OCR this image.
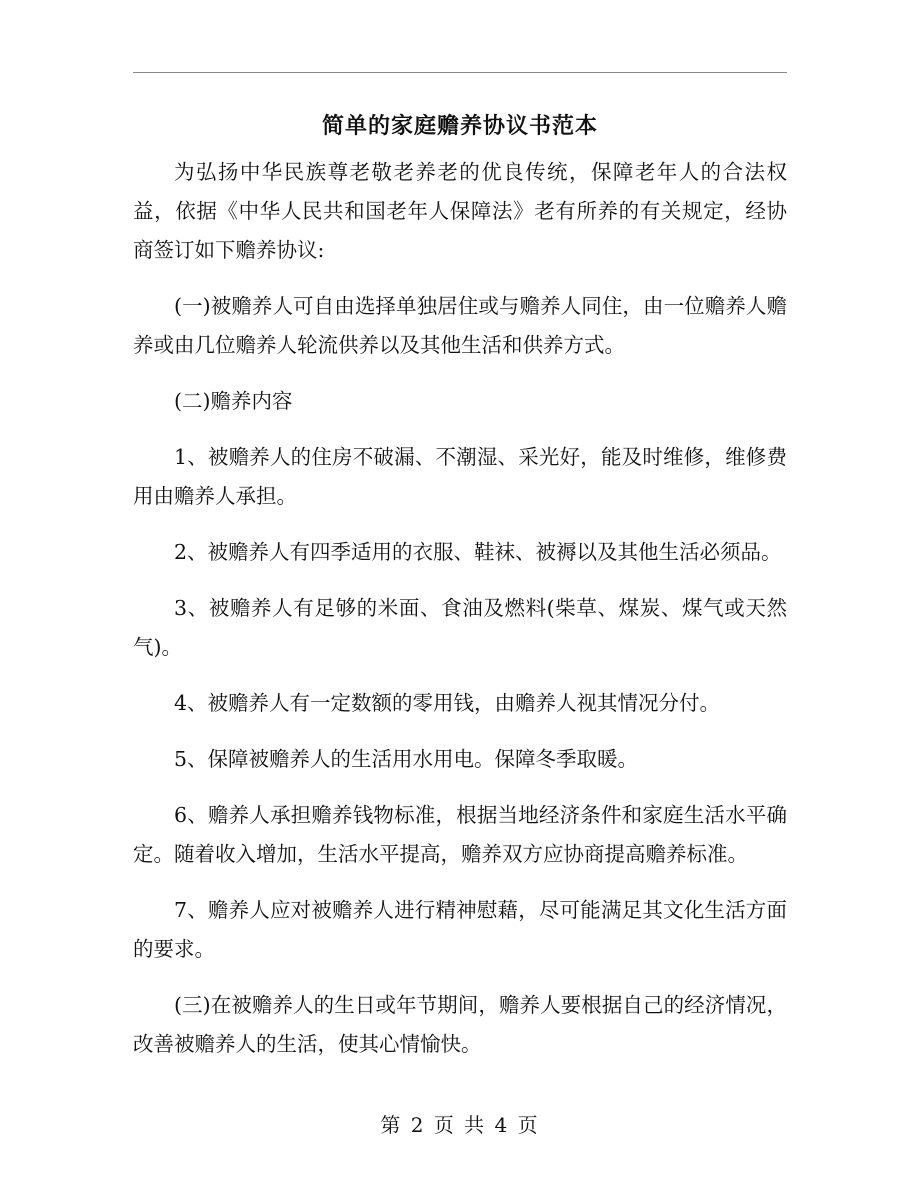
简单的家庭赡养协议书范本

为弘扬中华民族尊老敬老养老的优良传统，保障老年人的合法权益，依据《中华人民共和国老年人保障法》老有所养的有关规定，经协商签订如下赡养协议:

(一)被赡养人可自由选择单独居住或与赡养人同住，由一位赡养人赡养或由几位赡养人轮流供养以及其他生活和供养方式。

(二)赡养内容

1、被赡养人的住房不破漏、不潮湿、采光好，能及时维修，维修费用由赡养人承担。

2、被赡养人有四季适用的衣服、鞋袜、被褥以及其他生活必须品。

3、被赡养人有足够的米面、食油及燃料(柴草、煤炭、煤气或天然气)。

4、被赡养人有一定数额的零用钱，由赡养人视其情况分付。

5、保障被赡养人的生活用水用电。保障冬季取暖。

6、赡养人承担赡养钱物标准，根据当地经济条件和家庭生活水平确定。随着收入增加，生活水平提高，赡养双方应协商提高赡养标准。

7、赡养人应对被赡养人进行精神慰藉，尽可能满足其文化生活方面的要求。

(三)在被赡养人的生日或年节期间，赡养人要根据自己的经济情况，改善被赡养人的生活，使其心情愉快。

第 2 页 共 4 页
